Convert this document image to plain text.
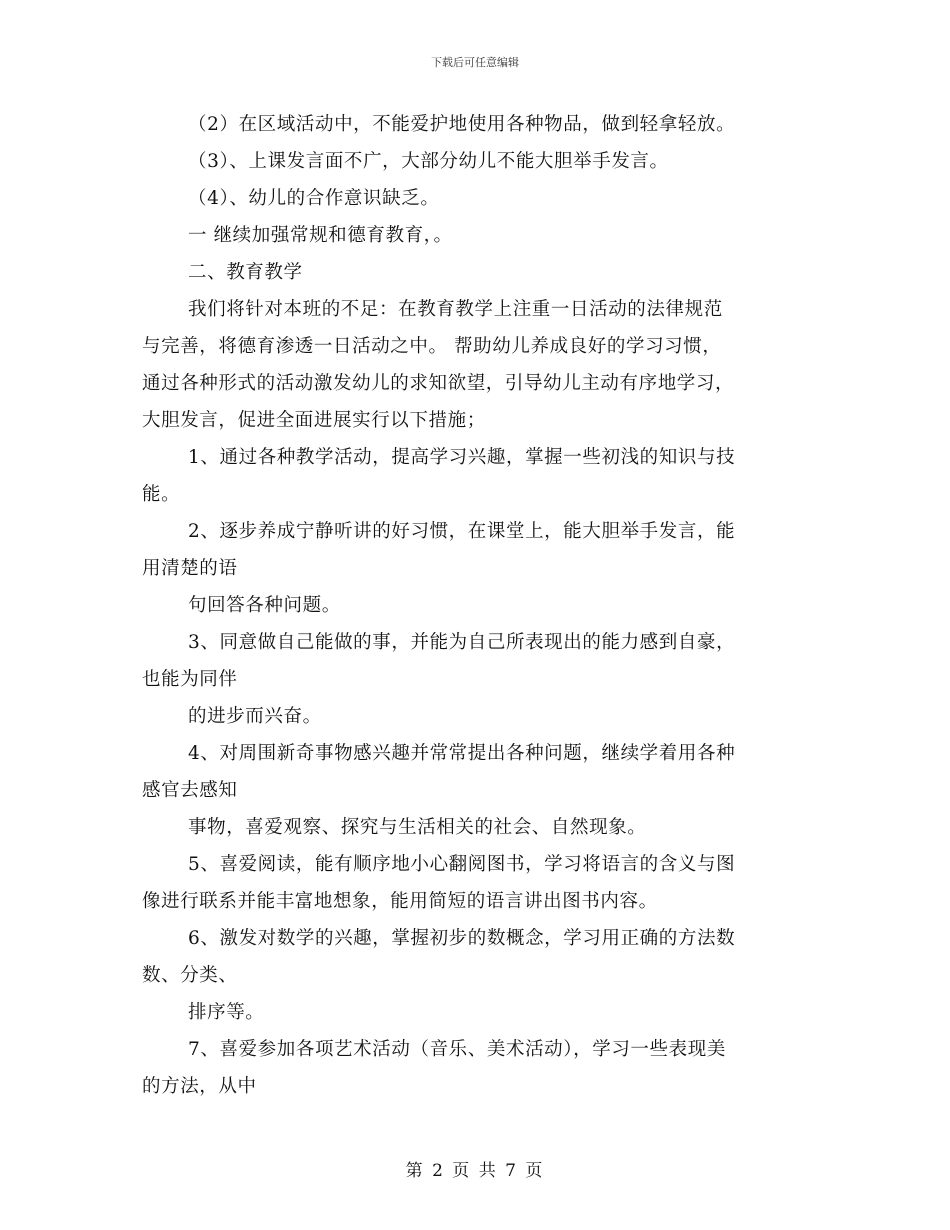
下载后可任意编辑
（2）在区域活动中，不能爱护地使用各种物品，做到轻拿轻放。
（3）、上课发言面不广，大部分幼儿不能大胆举手发言。
（4）、幼儿的合作意识缺乏。
一 继续加强常规和德育教育，。
二、教育教学
我们将针对本班的不足：在教育教学上注重一日活动的法律规范
与完善，将德育渗透一日活动之中。 帮助幼儿养成良好的学习习惯，
通过各种形式的活动激发幼儿的求知欲望，引导幼儿主动有序地学习，
大胆发言，促进全面进展实行以下措施；
1、通过各种教学活动，提高学习兴趣，掌握一些初浅的知识与技
能。
2、逐步养成宁静听讲的好习惯，在课堂上，能大胆举手发言，能
用清楚的语
句回答各种问题。
3、同意做自己能做的事，并能为自己所表现出的能力感到自豪，
也能为同伴
的进步而兴奋。
4、对周围新奇事物感兴趣并常常提出各种问题，继续学着用各种
感官去感知
事物，喜爱观察、探究与生活相关的社会、自然现象。
5、喜爱阅读，能有顺序地小心翻阅图书，学习将语言的含义与图
像进行联系并能丰富地想象，能用简短的语言讲出图书内容。
6、激发对数学的兴趣，掌握初步的数概念，学习用正确的方法数
数、分类、
排序等。
7、喜爱参加各项艺术活动（音乐、美术活动），学习一些表现美
的方法，从中
第 2 页 共 7 页
